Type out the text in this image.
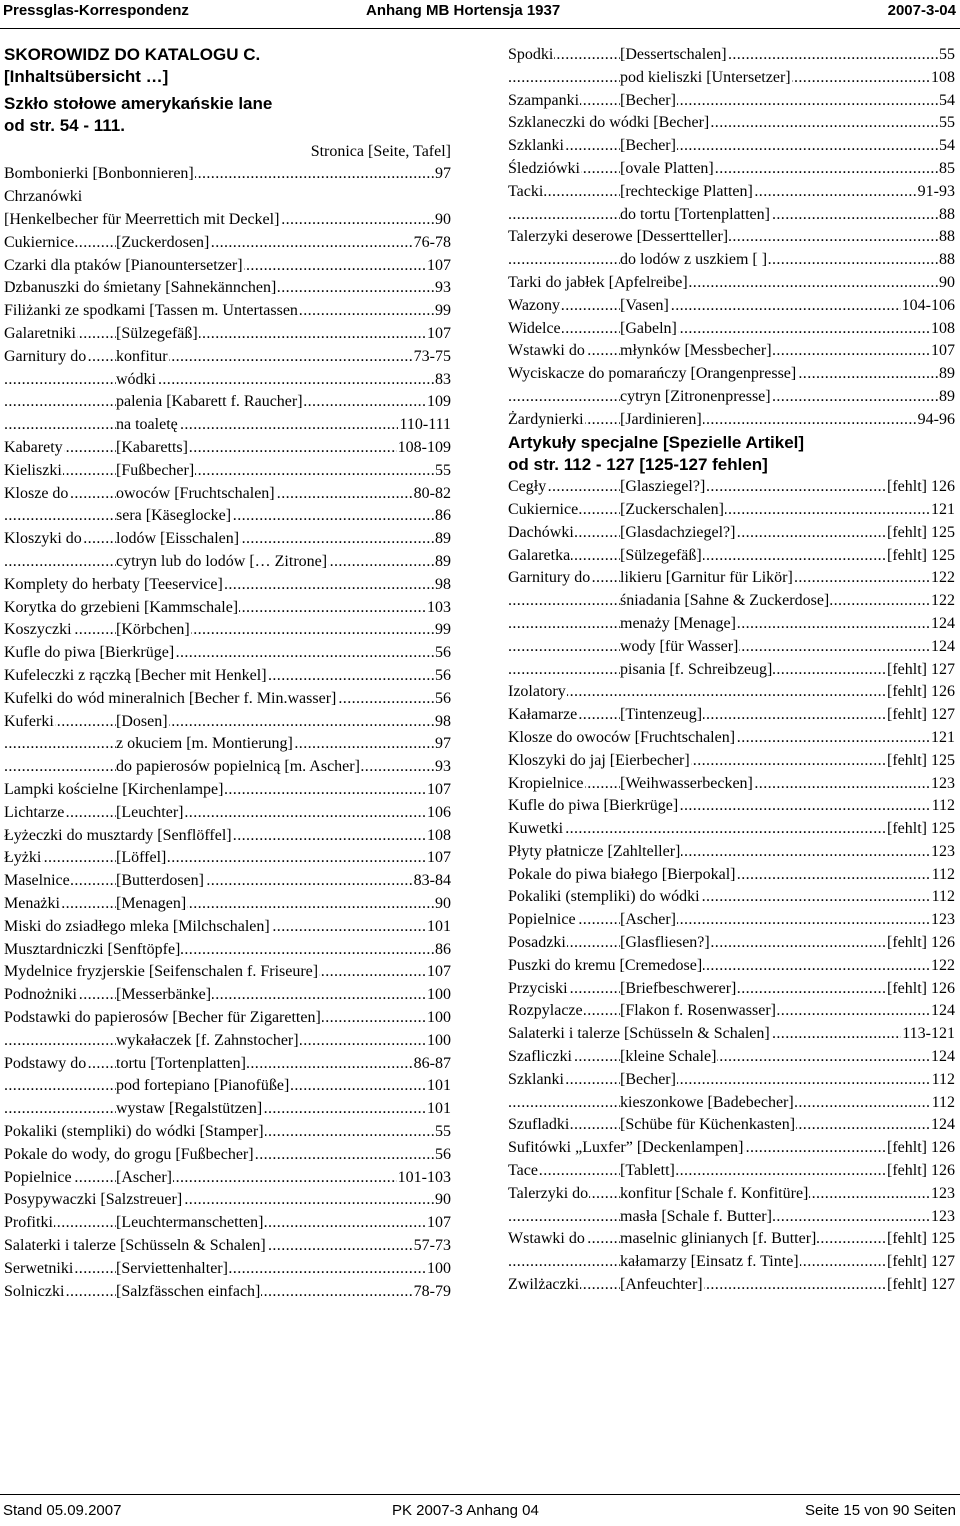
Pressglas-Korrespondenz	Anhang MB Hortensja 1937	2007-3-04
SKOROWIDZ DO KATALOGU C.
[Inhaltsübersicht …]
Szkło stołowe amerykańskie lane
od str. 54 - 111.
Stronica [Seite, Tafel]
..... Bombonierki [Bonbonnieren]	97
Chrzanówki
..... [Henkelbecher für Meerrettich mit Deckel]	90
..... Cukiernice	[Zuckerdosen]	76-78
..... Czarki dla ptaków [Pianountersetzer]	107
..... Dzbanuszki do śmietany [Sahnekännchen]	93
..... Filiżanki ze spodkami [Tassen m. Untertassen	99
..... Galaretniki	[Sülzegefäß]	107
..... Garnitury do konfitur	73-75
..... wódki	83
..... palenia [Kabarett f. Raucher]	109
..... na toaletę	110-111
..... Kabarety	[Kabaretts]	108-109
..... Kieliszki	[Fußbecher]	55
..... Klosze do	owoców [Fruchtschalen]	80-82
..... sera [Käseglocke]	86
..... Kloszyki do lodów [Eisschalen]	89
..... cytryn lub do lodów [… Zitrone]	89
..... Komplety do herbaty [Teeservice]	98
..... Korytka do grzebieni [Kammschale]	103
..... Koszyczki	[Körbchen]	99
..... Kufle do piwa [Bierkrüge]	56
..... Kufeleczki z rączką [Becher mit Henkel]	56
..... Kufelki do wód mineralnich [Becher f. Min.wasser]	56
..... Kuferki	[Dosen]	98
..... z okuciem [m. Montierung]	97
..... do papierosów popielnicą [m. Ascher]	93
..... Lampki kościelne [Kirchenlampe]	107
..... Lichtarze	[Leuchter]	106
..... Łyżeczki do musztardy [Senflöffel]	108
..... Łyżki	[Löffel]	107
..... Maselnice	[Butterdosen]	83-84
..... Menażki	[Menagen]	90
..... Miski do zsiadłego mleka [Milchschalen]	101
..... Musztardniczki [Senftöpfe]	86
..... Mydelnice fryzjerskie [Seifenschalen f. Friseure]	107
..... Podnożniki [Messerbänke]	100
..... Podstawki do papierosów [Becher für Zigaretten]	100
..... wykałaczek [f. Zahnstocher]	100
..... Podstawy do tortu [Tortenplatten]	86-87
..... pod fortepiano [Pianofüße]	101
..... wystaw [Regalstützen]	101
..... Pokaliki (stempliki) do wódki [Stamper]	55
..... Pokale do wody, do grogu [Fußbecher]	56
..... Popielnice	[Ascher]	101-103
..... Posypywaczki [Salzstreuer]	90
..... Profitki	[Leuchtermanschetten]	107
..... Salaterki i talerze [Schüsseln & Schalen]	57-73
..... Serwetniki	[Serviettenhalter]	100
..... Solniczki	[Salzfässchen einfach]	78-79
..... Spodki	[Dessertschalen]	55
..... pod kieliszki [Untersetzer]	108
..... Szampanki	[Becher]	54
..... Szklaneczki do wódki [Becher]	55
..... Szklanki	[Becher]	54
..... Śledziówki	[ovale Platten]	85
..... Tacki	[rechteckige Platten]	91-93
..... do tortu [Tortenplatten]	88
..... Talerzyki deserowe [Dessertteller]	88
..... do lodów z uszkiem [ ]	88
..... Tarki do jabłek [Apfelreibe]	90
..... Wazony	[Vasen]	104-106
..... Widelce	[Gabeln]	108
..... Wstawki do młynków [Messbecher]	107
..... Wyciskacze do pomarańczy [Orangenpresse]	89
..... cytryn [Zitronenpresse]	89
..... Żardynierki [Jardinieren]	94-96
Artykuły specjalne [Spezielle Artikel]
od str. 112 - 127 [125-127 fehlen]
..... Cegły	[Glasziegel?]	[fehlt] 126
..... Cukiernice	[Zuckerschalen]	121
..... Dachówki	[Glasdachziegel?]	[fehlt] 125
..... Galaretka	[Sülzegefäß]	[fehlt] 125
..... Garnitury do likieru [Garnitur für Likör]	122
..... śniadania [Sahne & Zuckerdose]	122
..... menaży [Menage]	124
..... wody [für Wasser]	124
..... pisania [f. Schreibzeug]	[fehlt] 127
..... Izolatory	[fehlt] 126
..... Kałamarze	[Tintenzeug]	[fehlt] 127
..... Klosze do owoców [Fruchtschalen]	121
..... Kloszyki do jaj [Eierbecher]	[fehlt] 125
..... Kropielnice [Weihwasserbecken]	123
..... Kufle do piwa [Bierkrüge]	112
..... Kuwetki	[fehlt] 125
..... Płyty płatnicze [Zahlteller]	123
..... Pokale do piwa białego [Bierpokal]	112
..... Pokaliki (stempliki) do wódki	112
..... Popielnice	[Ascher]	123
..... Posadzki	[Glasfliesen?]	[fehlt] 126
..... Puszki do kremu [Cremedose]	122
..... Przyciski	[Briefbeschwerer]	[fehlt] 126
..... Rozpylacze [Flakon f. Rosenwasser]	124
..... Salaterki i talerze [Schüsseln & Schalen]	113-121
..... Szafliczki	[kleine Schale]	124
..... Szklanki	[Becher]	112
..... kieszonkowe [Badebecher]	112
..... Szufladki	[Schübe für Küchenkasten]	124
..... Sufitówki „Luxfer” [Deckenlampen]	[fehlt] 126
..... Tace	[Tablett]	[fehlt] 126
..... Talerzyki do konfitur [Schale f. Konfitüre]	123
..... masła [Schale f. Butter]	123
..... Wstawki do maselnic glinianych [f. Butter]	[fehlt] 125
..... kałamarzy [Einsatz f. Tinte]	[fehlt] 127
..... Zwilżaczki	[Anfeuchter]	[fehlt] 127
Stand 05.09.2007	PK 2007-3 Anhang 04	Seite 15 von 90 Seiten
